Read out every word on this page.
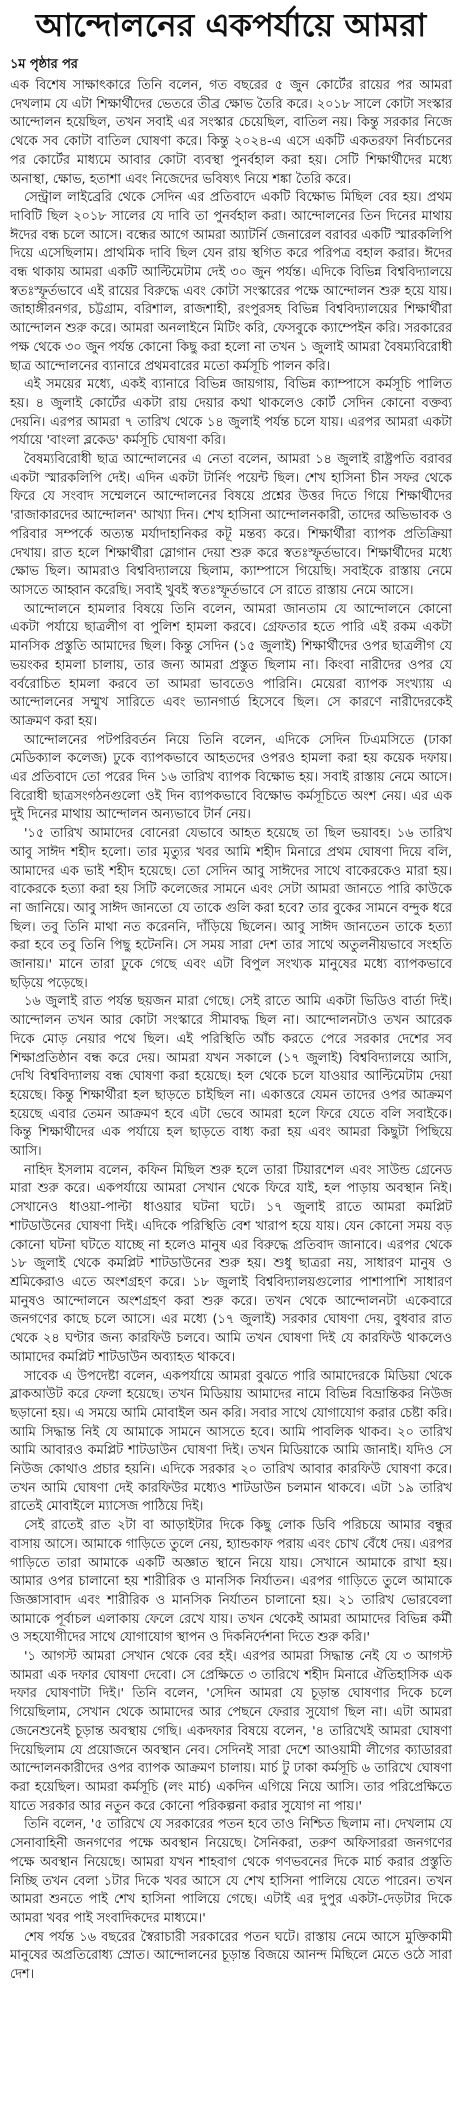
আন্দোলনের একপর্যায়ে আমরা
১ম পৃষ্ঠার পর

এক বিশেষ সাক্ষাৎকারে তিনি বলেন, গত বছরের ৫ জুন কোর্টের রায়ের পর আমরা দেখলাম যে এটা শিক্ষার্থীদের ভেতরে তীব্র ক্ষোভ তৈরি করে। ২০১৮ সালে কোটা সংস্কার আন্দোলন হয়েছিল, তখন সবাই এর সংস্কার চেয়েছিল, বাতিল নয়। কিন্তু সরকার নিজে থেকে সব কোটা বাতিল ঘোষণা করে। কিন্তু ২০২৪-এ এসে একটি একতরফা নির্বাচনের পর কোর্টের মাধ্যমে আবার কোটা ব্যবস্থা পুনর্বহাল করা হয়। সেটি শিক্ষার্থীদের মধ্যে অনাস্থা, ক্ষোভ, হতাশা এবং নিজেদের ভবিষ্যৎ নিয়ে শঙ্কা তৈরি করে।

সেন্ট্রাল লাইব্রেরি থেকে সেদিন এর প্রতিবাদে একটি বিক্ষোভ মিছিল বের হয়। প্রথম দাবিটি ছিল ২০১৮ সালের যে দাবি তা পুনর্বহাল করা। আন্দোলনের তিন দিনের মাথায় ঈদের বন্ধ চলে আসে। বন্ধের আগে আমরা অ্যাটর্নি জেনারেল বরাবর একটি স্মারকলিপি দিয়ে এসেছিলাম। প্রাথমিক দাবি ছিল যেন রায় স্থগিত করে পরিপত্র বহাল করার। ঈদের বন্ধ থাকায় আমরা একটি আল্টিমেটাম দেই ৩০ জুন পর্যন্ত। এদিকে বিভিন্ন বিশ্ববিদ্যালয়ে স্বতঃস্ফূর্তভাবে এই রায়ের বিরুদ্ধে এবং কোটা সংস্কারের পক্ষে আন্দোলন শুরু হয়ে যায়। জাহাঙ্গীরনগর, চট্টগ্রাম, বরিশাল, রাজশাহী, রংপুরসহ বিভিন্ন বিশ্ববিদ্যালয়ের শিক্ষার্থীরা আন্দোলন শুরু করে। আমরা অনলাইনে মিটিং করি, ফেসবুকে ক্যাম্পেইন করি। সরকারের পক্ষ থেকে ৩০ জুন পর্যন্ত কোনো কিছু করা হলো না তখন ১ জুলাই আমরা বৈষম্যবিরোধী ছাত্র আন্দোলনের ব্যানারে প্রথমবারের মতো কর্মসূচি পালন করি।

এই সময়ের মধ্যে, একই ব্যানারে বিভিন্ন জায়গায়, বিভিন্ন ক্যাম্পাসে কর্মসূচি পালিত হয়। ৪ জুলাই কোর্টের একটা রায় দেয়ার কথা থাকলেও কোর্ট সেদিন কোনো বক্তব্য দেয়নি। এরপর আমরা ৭ তারিখ থেকে ১৪ জুলাই পর্যন্ত চলে যায়। এরপর আমরা একটা পর্যায়ে 'বাংলা ব্লকেড' কর্মসূচি ঘোষণা করি।

বৈষম্যবিরোধী ছাত্র আন্দোলনের এ নেতা বলেন, আমরা ১৪ জুলাই রাষ্ট্রপতি বরাবর একটা স্মারকলিপি দেই। এদিন একটা টার্নিং পয়েন্ট ছিল। শেখ হাসিনা চীন সফর থেকে ফিরে যে সংবাদ সম্মেলনে আন্দোলনের বিষয়ে প্রশ্নের উত্তর দিতে গিয়ে শিক্ষার্থীদের 'রাজাকারদের আন্দোলন' আখ্যা দিন। শেখ হাসিনা আন্দোলনকারী, তাদের অভিভাবক ও পরিবার সম্পর্কে অত্যন্ত মর্যাদাহানিকর কটূ মন্তব্য করে। শিক্ষার্থীরা ব্যাপক প্রতিক্রিয়া দেখায়। রাত হলে শিক্ষার্থীরা স্লোগান দেয়া শুরু করে স্বতঃস্ফূর্তভাবে। শিক্ষার্থীদের মধ্যে ক্ষোভ ছিল। আমরাও বিশ্ববিদ্যালয়ে ছিলাম, ক্যাম্পাসে গিয়েছি। সবাইকে রাস্তায় নেমে আসতে আহ্বান করেছি। সবাই খুবই স্বতঃস্ফূর্তভাবে সে রাতে রাস্তায় নেমে আসে।

আন্দোলনে হামলার বিষয়ে তিনি বলেন, আমরা জানতাম যে আন্দোলনে কোনো একটা পর্যায়ে ছাত্রলীগ বা পুলিশ হামলা করবে। গ্রেফতার হতে পারি এই রকম একটা মানসিক প্রস্তুতি আমাদের ছিল। কিন্তু সেদিন (১৫ জুলাই) শিক্ষার্থীদের ওপর ছাত্রলীগ যে ভয়ংকর হামলা চালায়, তার জন্য আমরা প্রস্তুত ছিলাম না। কিংবা নারীদের ওপর যে বর্বরোচিত হামলা করবে তা আমরা ভাবতেও পারিনি। মেয়েরা ব্যাপক সংখ্যায় এ আন্দোলনের সম্মুখ সারিতে এবং ভ্যানগার্ড হিসেবে ছিল। সে কারণে নারীদেরকেই আক্রমণ করা হয়।

আন্দোলনের পটপরিবর্তন নিয়ে তিনি বলেন, এদিকে সেদিন ঢিএমসিতে (ঢাকা মেডিক্যাল কলেজ) ঢুকে ব্যাপকভাবে আহতদের ওপরও হামলা করা হয় কয়েক দফায়। এর প্রতিবাদে তো পরের দিন ১৬ তারিখ ব্যাপক বিক্ষোভ হয়। সবাই রাস্তায় নেমে আসে। বিরোধী ছাত্রসংগঠনগুলো ওই দিন ব্যাপকভাবে বিক্ষোভ কর্মসূচিতে অংশ নেয়। এর এক দুই দিনের মাথায় আন্দোলন অন্যভাবে টার্ন নেয়।

'১৫ তারিখ আমাদের বোনেরা যেভাবে আহত হয়েছে তা ছিল ভয়াবহ। ১৬ তারিখ আবু সাঈদ শহীদ হলো। তার মৃত্যুর খবর আমি শহীদ মিনারে প্রথম ঘোষণা দিয়ে বলি, আমাদের এক ভাই শহীদ হয়েছে। তো সেদিন আবু সাঈদের সাথে বাকেরকেও মারা হয়। বাকেরকে হত্যা করা হয় সিটি কলেজের সামনে এবং সেটা আমরা জানতে পারি কাউকে না জানিয়ে। আবু সাঈদ জানতো যে তাকে গুলি করা হবে? তার বুকের সামনে বন্দুক ধরে ছিল। তবু তিনি মাথা নত করেননি, দাঁড়িয়ে ছিলেন। আবু সাঈদ জানতেন তাকে হত্যা করা হবে তবু তিনি পিছু হটেননি। সে সময় সারা দেশ তার সাথে অতুলনীয়ভাবে সংহতি জানায়।' মানে তারা ঢুকে গেছে এবং এটা বিপুল সংখ্যক মানুষের মধ্যে ব্যাপকভাবে ছড়িয়ে পড়েছে।

১৬ জুলাই রাত পর্যন্ত ছয়জন মারা গেছে। সেই রাতে আমি একটা ভিডিও বার্তা দিই। আন্দোলন তখন আর কোটা সংস্কারে সীমাবদ্ধ ছিল না। আন্দোলনটাও তখন আরেক দিকে মোড় নেয়ার পথে ছিল। এই পরিস্থিতি আঁচ করতে পেরে সরকার দেশের সব শিক্ষাপ্রতিষ্ঠান বন্ধ করে দেয়। আমরা যখন সকালে (১৭ জুলাই) বিশ্ববিদ্যালয়ে আসি, দেখি বিশ্ববিদ্যালয় বন্ধ ঘোষণা করা হয়েছে। হল থেকে চলে যাওয়ার আল্টিমেটাম দেয়া হয়েছে। কিন্তু শিক্ষার্থীরা হল ছাড়তে চাইছিল না। একাত্তরে যেমন তাদের ওপর আক্রমণ হয়েছে এবার তেমন আক্রমণ হবে এটা ভেবে আমরা হলে ফিরে যেতে বলি সবাইকে। কিন্তু শিক্ষার্থীদের এক পর্যায়ে হল ছাড়তে বাধ্য করা হয় এবং আমরা কিছুটা পিছিয়ে আসি।

নাহিদ ইসলাম বলেন, কফিন মিছিল শুরু হলে তারা টিয়ারশেল এবং সাউন্ড গ্রেনেড মারা শুরু করে। একপর্যায়ে আমরা সেখান থেকে ফিরে যাই, হল পাড়ায় অবস্থান নিই। সেখানেও ধাওয়া-পাল্টা ধাওয়ার ঘটনা ঘটে। ১৭ জুলাই রাতে আমরা কমপ্লিট শাটডাউনের ঘোষণা দিই। এদিকে পরিস্থিতি বেশ খারাপ হয়ে যায়। যেন কোনো সময় বড় কোনো ঘটনা ঘটতে যাচ্ছে না হলেও মানুষ এর বিরুদ্ধে প্রতিবাদ জানাবে। এরপর থেকে ১৮ জুলাই থেকে কমপ্লিট শাটডাউনের শুরু হয়। শুধু ছাত্ররা নয়, সাধারণ মানুষ ও শ্রমিকেরাও এতে অংশগ্রহণ করে। ১৮ জুলাই বিশ্ববিদ্যালয়গুলোর পাশাপাশি সাধারণ মানুষও আন্দোলনে অংশগ্রহণ করা শুরু করে। তখন থেকে আন্দোলনটা একেবারে জনগণের কাছে চলে আসে। এর মধ্যে (১৭ জুলাই) সরকার ঘোষণা দেয়, বুধবার রাত থেকে ২৪ ঘণ্টার জন্য কারফিউ চলবে। আমি তখন ঘোষণা দিই যে কারফিউ থাকলেও আমাদের কমপ্লিট শাটডাউন অব্যাহত থাকবে।

সাবেক এ উপদেষ্টা বলেন, একপর্যায়ে আমরা বুঝতে পারি আমাদেরকে মিডিয়া থেকে ব্লাকআউট করে ফেলা হয়েছে। তখন মিডিয়ায় আমাদের নামে বিভিন্ন বিভ্রান্তিকর নিউজ ছড়ানো হয়। এ সময়ে আমি মোবাইল অন করি। সবার সাথে যোগাযোগ করার চেষ্টা করি। আমি সিদ্ধান্ত নিই যে আমাকে সামনে আসতে হবে। আমি পাবলিক থাকব। ২০ তারিখ আমি আবারও কমপ্লিট শাটডাউন ঘোষণা দিই। তখন মিডিয়াকে আমি জানাই। যদিও সে নিউজ কোথাও প্রচার হয়নি। এদিকে সরকার ২০ তারিখ আবার কারফিউ ঘোষণা করে। তখন আমি ঘোষণা দেই কারফিউর মধ্যেও শাটডাউন চলমান থাকবে। এটা ১৯ তারিখ রাতেই মোবাইলে ম্যাসেজ পাঠিয়ে দিই।

সেই রাতেই রাত ২টা বা আড়াইটার দিকে কিছু লোক ডিবি পরিচয়ে আমার বন্ধুর বাসায় আসে। আমাকে গাড়িতে তুলে নেয়, হ্যান্ডকাফ পরায় এবং চোখ বেঁধে দেয়। এরপর গাড়িতে তারা আমাকে একটি অজ্ঞাত স্থানে নিয়ে যায়। সেখানে আমাকে রাখা হয়। আমার ওপর চালানো হয় শারীরিক ও মানসিক নির্যাতন। এরপর গাড়িতে তুলে আমাকে জিজ্ঞাসাবাদ এবং শারীরিক ও মানসিক নির্যাতন চালানো হয়। ২১ তারিখ ভোরবেলা আমাকে পূর্বাচল এলাকায় ফেলে রেখে যায়। তখন থেকেই আমরা আমাদের বিভিন্ন কর্মী ও সহযোগীদের সাথে যোগাযোগ স্থাপন ও দিকনির্দেশনা দিতে শুরু করি।'

'১ আগস্ট আমরা সেখান থেকে বের হই। এরপর আমরা সিদ্ধান্ত নেই যে ৩ আগস্ট আমরা এক দফার ঘোষণা দেবো। সে প্রেক্ষিতে ৩ তারিখে শহীদ মিনারে ঐতিহাসিক এক দফার ঘোষণাটা দিই।' তিনি বলেন, 'সেদিন আমরা যে চূড়ান্ত ঘোষণার দিকে চলে গিয়েছিলাম, সেখান থেকে আমাদের আর পেছনে ফেরার সুযোগ ছিল না। এটা আমরা জেনেশুনেই চূড়ান্ত অবস্থায় গেছি। একদফার বিষয়ে বলেন, '৪ তারিখেই আমরা ঘোষণা দিয়েছিলাম যে প্রয়োজনে অবস্থান নেব। সেদিনই সারা দেশে আওয়ামী লীগের ক্যাডাররা আন্দোলনকারীদের ওপর ব্যাপক আক্রমণ চালায়। মার্চ টু ঢাকা কর্মসূচি ৬ তারিখে ঘোষণা করা হয়েছিল। আমরা কর্মসূচি (লং মার্চ) একদিন এগিয়ে নিয়ে আসি। তার পরিপ্রেক্ষিতে যাতে সরকার আর নতুন করে কোনো পরিকল্পনা করার সুযোগ না পায়।'

তিনি বলেন, '৫ তারিখে যে সরকারের পতন হবে তাও নিশ্চিত ছিলাম না। দেখলাম যে সেনাবাহিনী জনগণের পক্ষে অবস্থান নিয়েছে। সৈনিকরা, তরুণ অফিসাররা জনগণের পক্ষে অবস্থান নিয়েছে। আমরা যখন শাহবাগ থেকে গণভবনের দিকে মার্চ করার প্রস্তুতি নিচ্ছি তখন বেলা ১টার দিকে খবর আসে যে শেখ হাসিনা পালিয়ে যেতে পারেন। তখন আমরা শুনতে পাই শেখ হাসিনা পালিয়ে গেছে। এটাই এর দুপুর একটা-দেড়টার দিকে আমরা খবর পাই সংবাদিকদের মাধ্যমে।'

শেষ পর্যন্ত ১৬ বছরের স্বৈরাচারী সরকারের পতন ঘটে। রাস্তায় নেমে আসে মুক্তিকামী মানুষের অপ্রতিরোধ্য স্রোত। আন্দোলনের চূড়ান্ত বিজয়ে আনন্দ মিছিলে মেতে ওঠে সারা দেশ।
